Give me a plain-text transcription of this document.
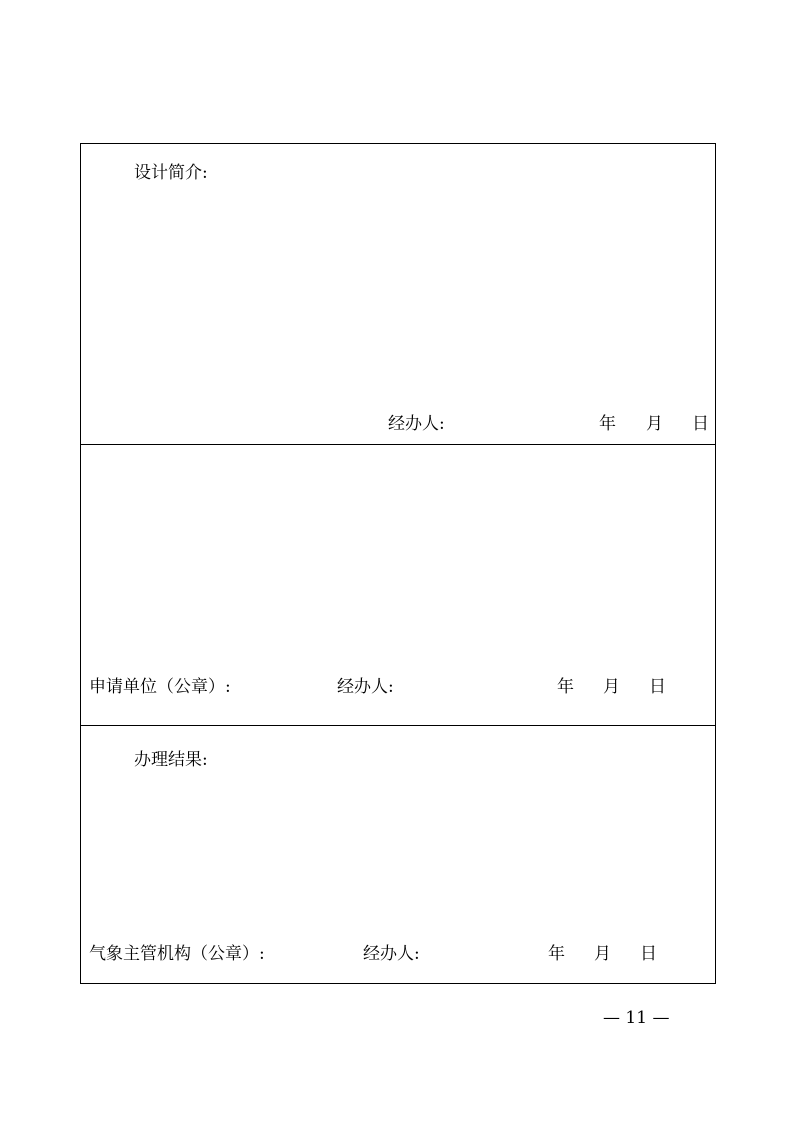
设计简介:
经办人:	年 月 日
申请单位（公章）:	经办人:	年 月 日
办理结果:
气象主管机构（公章）:	经办人:	年 月 日
— 11 —
